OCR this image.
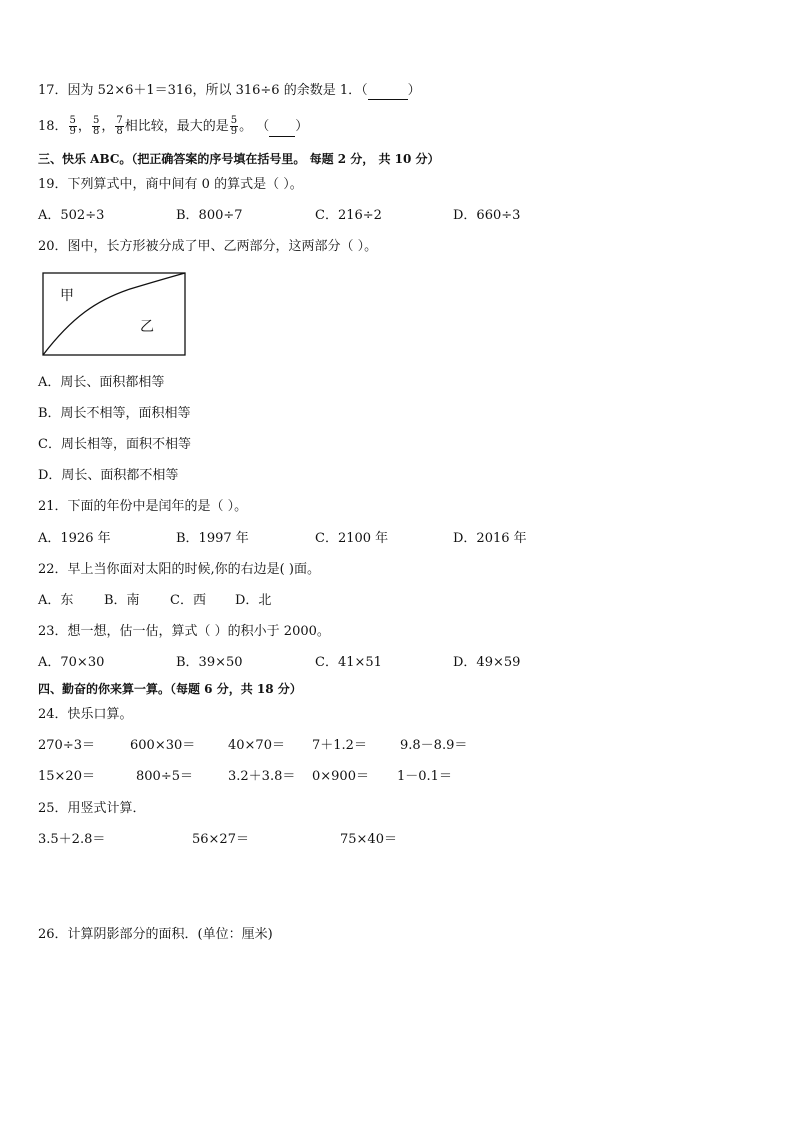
17．因为 52×6＋1＝316，所以 316÷6 的余数是 1．（	）
18． $\frac{5}{9}$ ， $\frac{5}{8}$ ， $\frac{7}{8}$ 相比较，最大的是 $\frac{5}{9}$ 。 （ ）
三、快乐 ABC。（把正确答案的序号填在括号里。 每题 2 分， 共 10 分）
19．下列算式中，商中间有 0 的算式是（ ）。
A．502÷3	B．800÷7	C．216÷2	D．660÷3
20．图中，长方形被分成了甲、乙两部分，这两部分（ ）。
甲
乙
A．周长、面积都相等
B．周长不相等，面积相等
C．周长相等，面积不相等
D．周长、面积都不相等
21．下面的年份中是闰年的是（ ）。
A．1926 年	B．1997 年	C．2100 年	D．2016 年
22．早上当你面对太阳的时候,你的右边是( )面。
A．东 B．南 C．西 D．北
23．想一想，估一估，算式（ ）的积小于 2000。
A．70×30	B．39×50	C．41×51	D．49×59
四、勤奋的你来算一算。（每题 6 分，共 18 分）
24．快乐口算。
270÷3＝	600×30＝	40×70＝ 7＋1.2＝	9.8－8.9＝
15×20＝	800÷5＝	3.2＋3.8＝ 0×900＝ 1－0.1＝
25．用竖式计算．
3.5＋2.8＝	56×27＝	75×40＝
26．计算阴影部分的面积．(单位：厘米)
